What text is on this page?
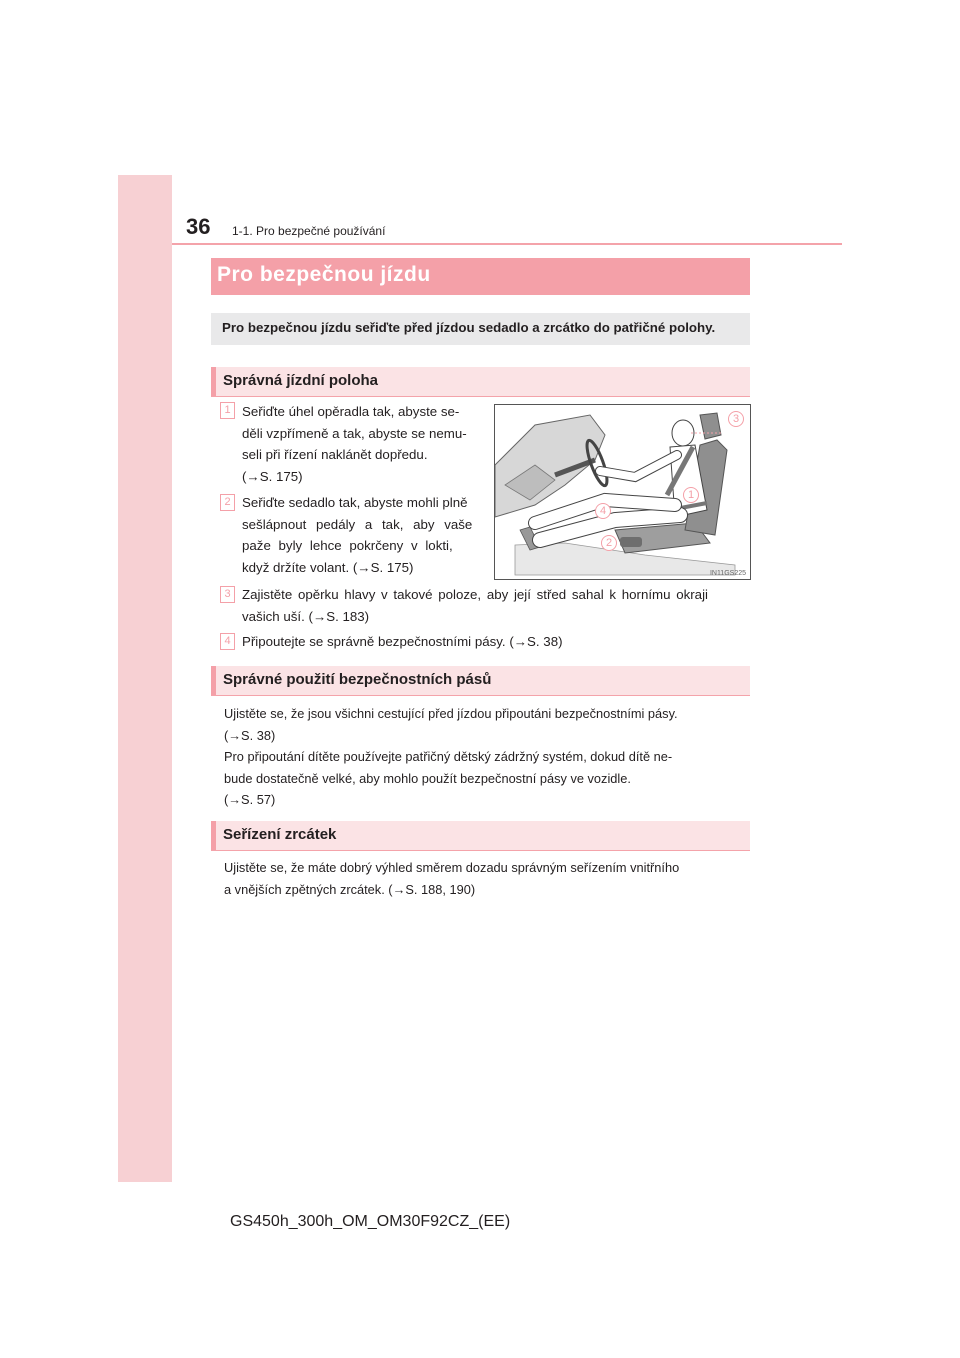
36 1-1. Pro bezpečné používání
Pro bezpečnou jízdu
Pro bezpečnou jízdu seřiďte před jízdou sedadlo a zrcátko do patřičné polohy.
Správná jízdní poloha
1 Seřiďte úhel opěradla tak, abyste se-
děli vzpřímeně a tak, abyste se nemu-
seli při řízení naklánět dopředu.
(→S. 175)
2 Seřiďte sedadlo tak, abyste mohli plně
sešlápnout pedály a tak, aby vaše
paže byly lehce pokrčeny v lokti,
když držíte volant. (→S. 175)
3
1
4
2
IN11GS225
3 Zajistěte opěrku hlavy v takové poloze, aby její střed sahal k hornímu okraji
vašich uší. (→S. 183)
4 Připoutejte se správně bezpečnostními pásy. (→S. 38)
Správné použití bezpečnostních pásů
Ujistěte se, že jsou všichni cestující před jízdou připoutáni bezpečnostními pásy.
(→S. 38)
Pro připoutání dítěte používejte patřičný dětský zádržný systém, dokud dítě ne-
bude dostatečně velké, aby mohlo použít bezpečnostní pásy ve vozidle.
(→S. 57)
Seřízení zrcátek
Ujistěte se, že máte dobrý výhled směrem dozadu správným seřízením vnitřního
a vnějších zpětných zrcátek. (→S. 188, 190)
GS450h_300h_OM_OM30F92CZ_(EE)
